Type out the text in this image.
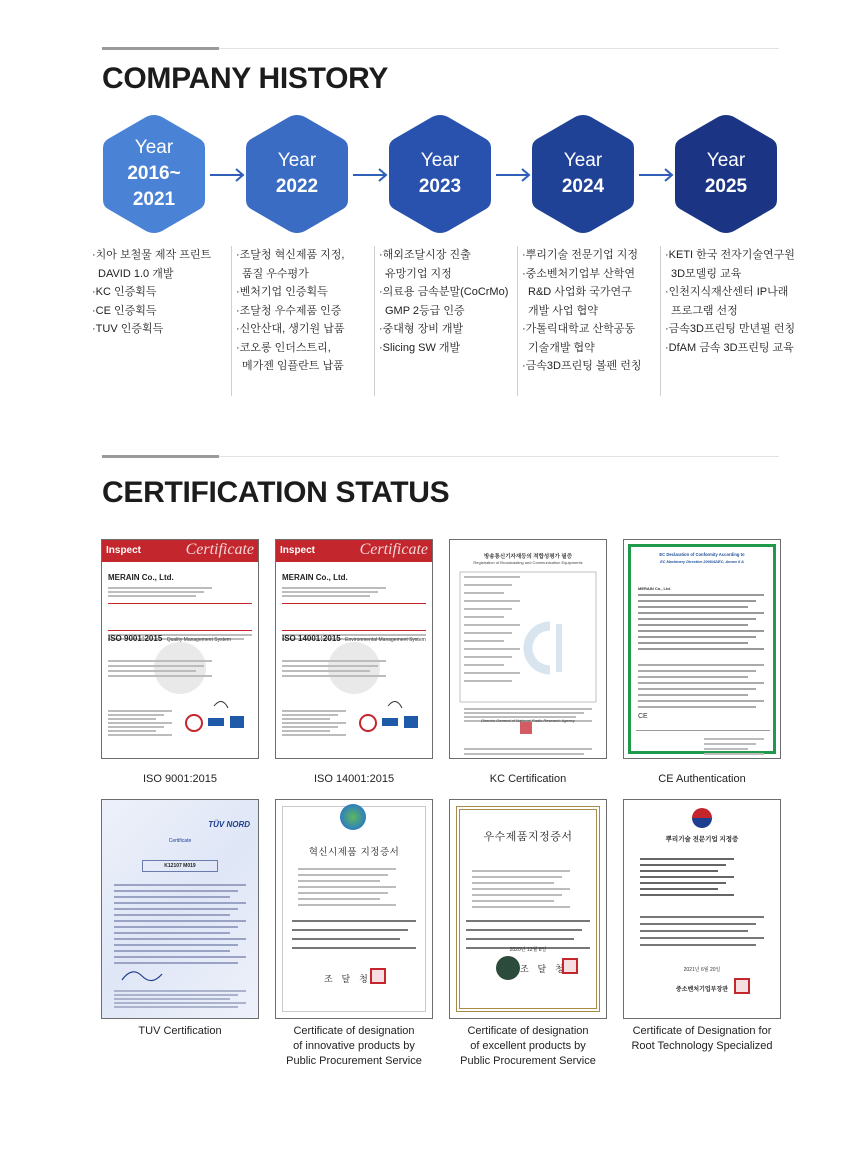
COMPANY HISTORY
Year
2016~
2021
Year
2022
Year
2023
Year
2024
Year
2025
·치아 보철물 제작 프린트
DAVID 1.0 개발
·KC 인증획득
·CE 인증획득
·TUV 인증획득
·조달청 혁신제품 지정,
품질 우수평가
·벤처기업 인증획득
·조달청 우수제품 인증
·신안산대, 생기원 납품
·코오롱 인더스트리,
메가젠 임플란트 납품
·해외조달시장 진출
유망기업 지정
·의료용 금속분말(CoCrMo)
GMP 2등급 인증
·중대형 장비 개발
·Slicing SW 개발
·뿌리기술 전문기업 지정
·중소벤처기업부 산학연
R&D 사업화 국가연구
개발 사업 협약
·가톨릭대학교 산학공동
기술개발 협약
·금속3D프린팅 볼펜 런칭
·KETI 한국 전자기술연구원
3D모델링 교육
·인천지식재산센터 IP나래
프로그램 선정
·금속3D프린팅 만년필 런칭
·DfAM 금속 3D프린팅 교육
CERTIFICATION STATUS
Inspect	Certificate
MERAIN Co., Ltd.
ISO 9001:2015 Quality Management System
ISO 9001:2015
Inspect	Certificate
MERAIN Co., Ltd.
ISO 14001:2015 Environmental Management System
ISO 14001:2015
방송통신기자재등의 적합성평가 필증
Registration of Broadcasting and Communication Equipments
Director General of National Radio Research Agency
KC Certification
EC Declaration of Conformity According to
EC Machinery Directive 2006/42/EC, Annex II A
MERAIN Co., Ltd.
CE
CE Authentication
TÜV NORD
Certificate
K12107 M019
TUV Certification
혁신시제품 지정증서
조 달 청
Certificate of designation
of innovative products by
Public Procurement Service
우수제품지정증서
2020년 12월 8일
조 달 청
Certificate of designation
of excellent products by
Public Procurement Service
뿌리기술 전문기업 지정증
2021년 6월 20일
중소벤처기업부장관
Certificate of Designation for
Root Technology Specialized
